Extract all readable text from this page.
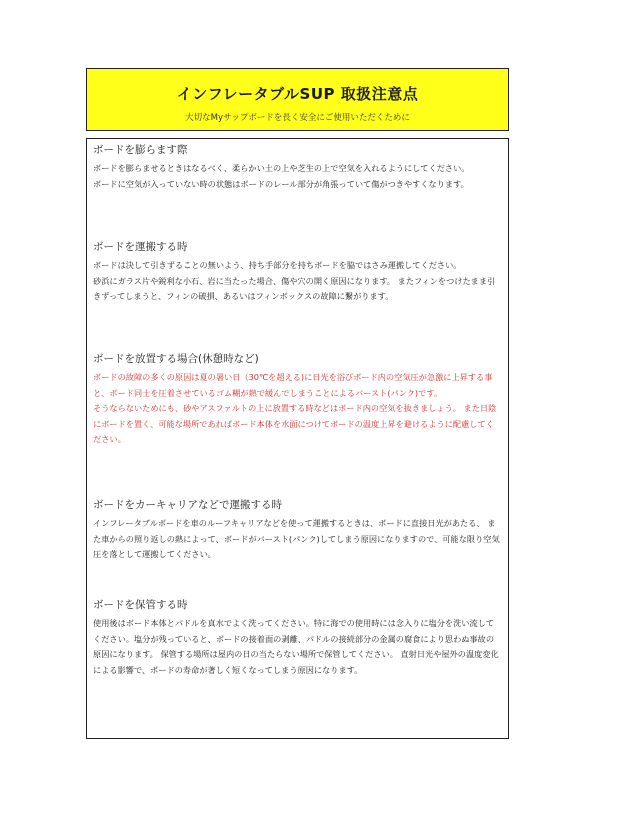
インフレータブルSUP 取扱注意点
大切なMyサップボードを長く安全にご使用いただくために
ボードを膨らます際

ボードを膨らませるときはなるべく、柔らかい土の上や芝生の上で空気を入れるようにしてください。

ボードに空気が入っていない時の状態はボードのレール部分が角張っていて傷がつきやすくなります。

ボードを運搬する時

ボードは決して引きずることの無いよう、持ち手部分を持ちボードを脇ではさみ運搬してください。

砂浜にガラス片や鋭利な小石、岩に当たった場合、傷や穴の開く原因になります。 またフィンをつけたまま引きずってしまうと、フィンの破損、あるいはフィンボックスの故障に繋がります。

ボードを放置する場合(休憩時など)

ボードの故障の多くの原因は夏の暑い日（30℃を超える)に日光を浴びボード内の空気圧が急激に上昇する事と、ボード同士を圧着させているゴム糊が熱で緩んでしまうことによるバースト(パンク)です。

そうならないためにも、砂やアスファルトの上に放置する時などはボード内の空気を抜きましょう。 また日陰にボードを置く、可能な場所であればボード本体を水面につけてボードの温度上昇を避けるように配慮してください。

ボードをカーキャリアなどで運搬する時

インフレータブルボードを車のルーフキャリアなどを使って運搬するときは、ボードに直接日光があたる、 また車からの照り返しの熱によって、ボードがバースト(パンク)してしまう原因になりますので、可能な限り空気圧を落として運搬してください。

ボードを保管する時

使用後はボード本体とパドルを真水でよく洗ってください。特に海での使用時には念入りに塩分を洗い流してください。塩分が残っていると、ボードの接着面の剥離、パドルの接続部分の金属の腐食により思わぬ事故の原因になります。 保管する場所は屋内の日の当たらない場所で保管してください。 直射日光や屋外の温度変化による影響で、ボードの寿命が著しく短くなってしまう原因になります。
